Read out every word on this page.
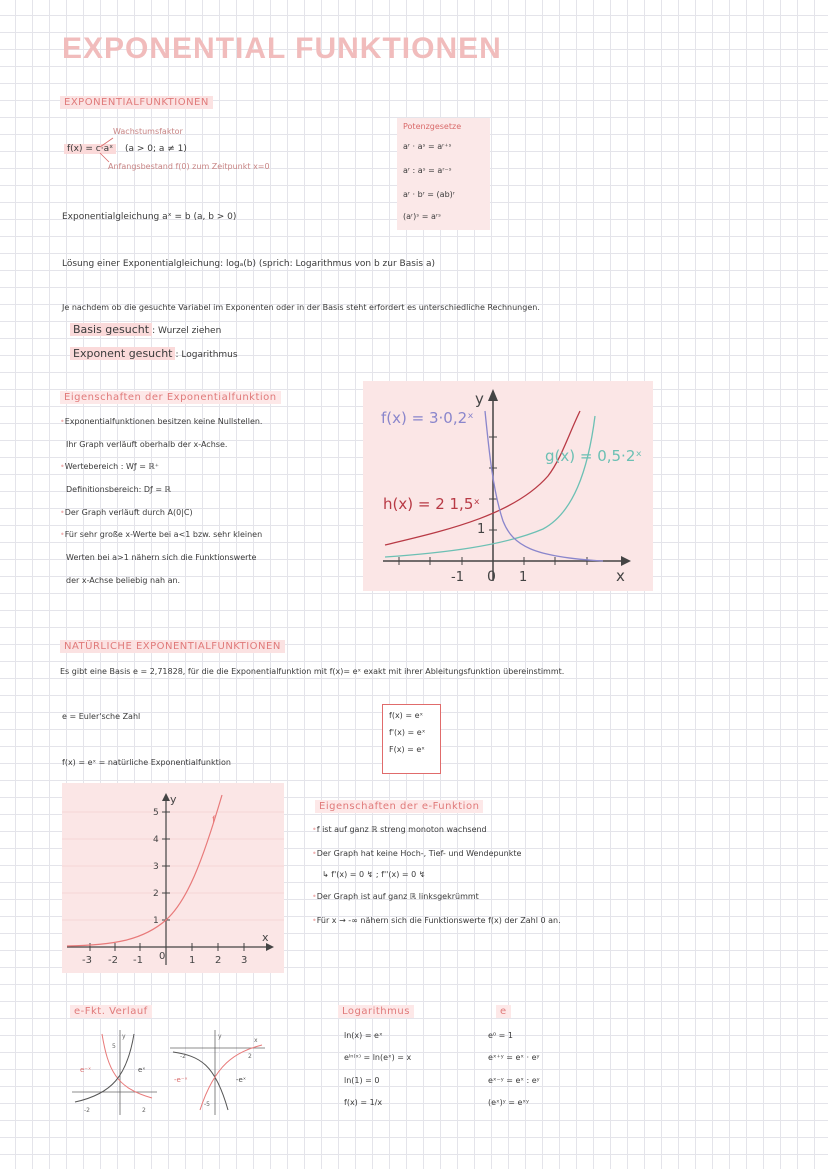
EXPONENTIAL FUNKTIONEN
EXPONENTIALFUNKTIONEN
Wachstumsfaktor
f(x) = c·aˣ	(a > 0; a ≠ 1)
Anfangsbestand f(0) zum Zeitpunkt x=0
Potenzgesetze
aʳ · aˢ = aʳ⁺ˢ
aʳ : aˢ = aʳ⁻ˢ
aʳ · bʳ = (ab)ʳ
(aʳ)ˢ = aʳˢ
Exponentialgleichung aˣ = b (a, b > 0)
Lösung einer Exponentialgleichung: logₐ(b) (sprich: Logarithmus von b zur Basis a)
Je nachdem ob die gesuchte Variabel im Exponenten oder in der Basis steht erfordert es unterschiedliche Rechnungen.
Basis gesucht : Wurzel ziehen
Exponent gesucht : Logarithmus
Eigenschaften der Exponentialfunktion
• Exponentialfunktionen besitzen keine Nullstellen.
Ihr Graph verläuft oberhalb der x-Achse.
• Wertebereich : Wƒ = ℝ⁺
Definitionsbereich: Dƒ = ℝ
• Der Graph verläuft durch A(0|C)
• Für sehr große x-Werte bei a<1 bzw. sehr kleinen
Werten bei a>1 nähern sich die Funktionswerte
der x-Achse beliebig nah an.
f(x) = 3·0,2ˣ
g(x) = 0,5·2ˣ
h(x) = 2 1,5ˣ
y
x
1
-1 0 1
NATÜRLICHE EXPONENTIALFUNKTIONEN
Es gibt eine Basis e = 2,71828, für die die Exponentialfunktion mit f(x)= eˣ exakt mit ihrer Ableitungsfunktion übereinstimmt.
e = Euler'sche Zahl
f(x) = eˣ = natürliche Exponentialfunktion
f(x) = eˣ
f'(x) = eˣ
F(x) = eˣ
f
y
x
1
2
3
4
5
-3 -2 -1 0 1 2 3
Eigenschaften der e-Funktion
• f ist auf ganz ℝ streng monoton wachsend
• Der Graph hat keine Hoch-, Tief- und Wendepunkte
↳ f'(x) = 0 ↯ ; f''(x) = 0 ↯
• Der Graph ist auf ganz ℝ linksgekrümmt
• Für x → -∞ nähern sich die Funktionswerte f(x) der Zahl 0 an.
e-Fkt. Verlauf
y
e⁻ˣ	eˣ
5
-2	2
y
x
-e⁻ˣ	-eˣ
-5
-2	2
Logarithmus
ln(x) = eˣ
eˡⁿ⁽ˣ⁾ = ln(eˣ) = x
ln(1) = 0
f(x) = 1/x
e
e⁰ = 1
eˣ⁺ʸ = eˣ · eʸ
eˣ⁻ʸ = eˣ : eʸ
(eˣ)ʸ = eˣʸ
